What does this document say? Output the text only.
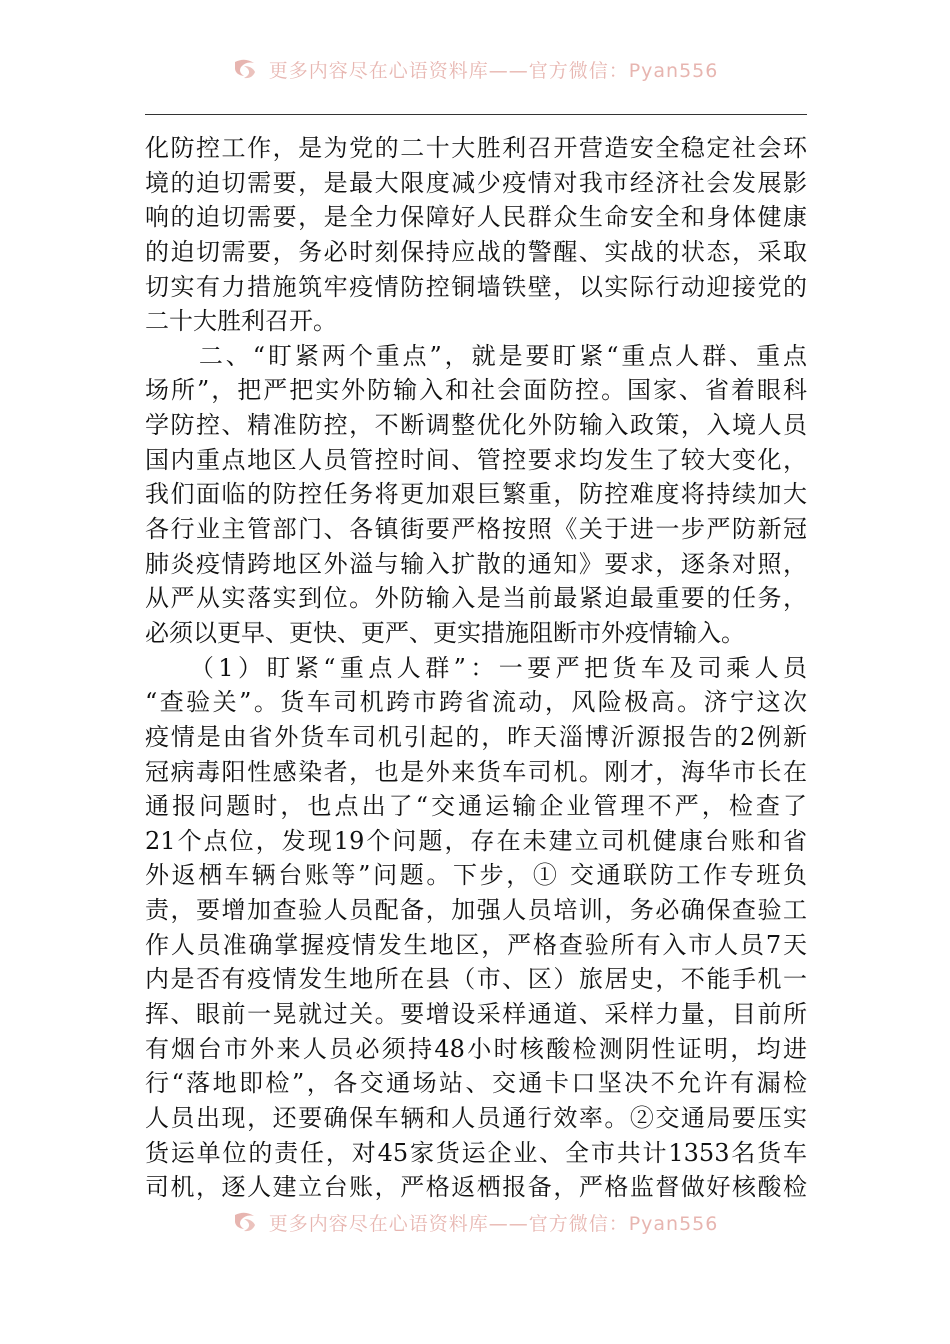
更多内容尽在心语资料库——官方微信：Pyan556
化防控工作，是为党的二十大胜利召开营造安全稳定社会环
境的迫切需要，是最大限度减少疫情对我市经济社会发展影
响的迫切需要，是全力保障好人民群众生命安全和身体健康
的迫切需要，务必时刻保持应战的警醒、实战的状态，采取
切实有力措施筑牢疫情防控铜墙铁壁，以实际行动迎接党的
二十大胜利召开。
　　二、“盯紧两个重点”，就是要盯紧“重点人群、重点
场所”，把严把实外防输入和社会面防控。国家、省着眼科
学防控、精准防控，不断调整优化外防输入政策，入境人员
国内重点地区人员管控时间、管控要求均发生了较大变化，
我们面临的防控任务将更加艰巨繁重，防控难度将持续加大
各行业主管部门、各镇街要严格按照《关于进一步严防新冠
肺炎疫情跨地区外溢与输入扩散的通知》要求，逐条对照，
从严从实落实到位。外防输入是当前最紧迫最重要的任务，
必须以更早、更快、更严、更实措施阻断市外疫情输入。
　　（1）盯紧“重点人群”：一要严把货车及司乘人员
“查验关”。货车司机跨市跨省流动，风险极高。济宁这次
疫情是由省外货车司机引起的，昨天淄博沂源报告的2例新
冠病毒阳性感染者，也是外来货车司机。刚才，海华市长在
通报问题时，也点出了“交通运输企业管理不严，检查了
21个点位，发现19个问题，存在未建立司机健康台账和省
外返栖车辆台账等”问题。下步，① 交通联防工作专班负
责，要增加查验人员配备，加强人员培训，务必确保查验工
作人员准确掌握疫情发生地区，严格查验所有入市人员7天
内是否有疫情发生地所在县（市、区）旅居史，不能手机一
挥、眼前一晃就过关。要增设采样通道、采样力量，目前所
有烟台市外来人员必须持48小时核酸检测阴性证明，均进
行“落地即检”，各交通场站、交通卡口坚决不允许有漏检
人员出现，还要确保车辆和人员通行效率。②交通局要压实
货运单位的责任，对45家货运企业、全市共计1353名货车
司机，逐人建立台账，严格返栖报备，严格监督做好核酸检
更多内容尽在心语资料库——官方微信：Pyan556
